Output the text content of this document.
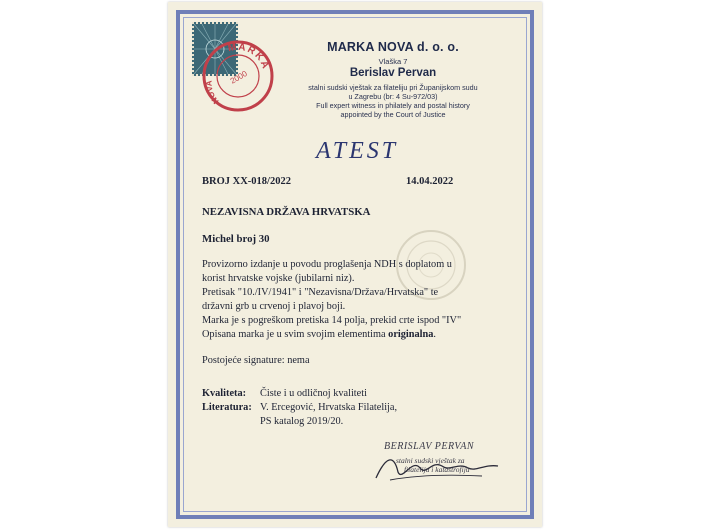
MARKA
NOVA	2000
MARKA NOVA d. o. o.
Vlaška 7
Berislav Pervan
stalni sudski vještak za filateliju pri Županijskom sudu
u Zagrebu (br: 4 Su-972/03)
Full expert witness in philately and postal history
appointed by the Court of Justice
ATEST
BROJ XX-018/2022	14.04.2022
NEZAVISNA DRŽAVA HRVATSKA
Michel broj 30
Provizorno izdanje u povodu proglašenja NDH s doplatom u
korist hrvatske vojske (jubilarni niz).
Pretisak "10./IV/1941" i "Nezavisna/Država/Hrvatska" te
državni grb u crvenoj i plavoj boji.
Marka je s pogreškom pretiska 14 polja, prekid crte ispod "IV"
Opisana marka je u svim svojim elementima originalna.
Postojeće signature: nema
Kvaliteta: Čiste i u odličnoj kvaliteti
Literatura: V. Ercegović, Hrvatska Filatelija,
PS katalog 2019/20.
BERISLAV PERVAN
stalni sudski vještak za
filateliju i katastrofiju
